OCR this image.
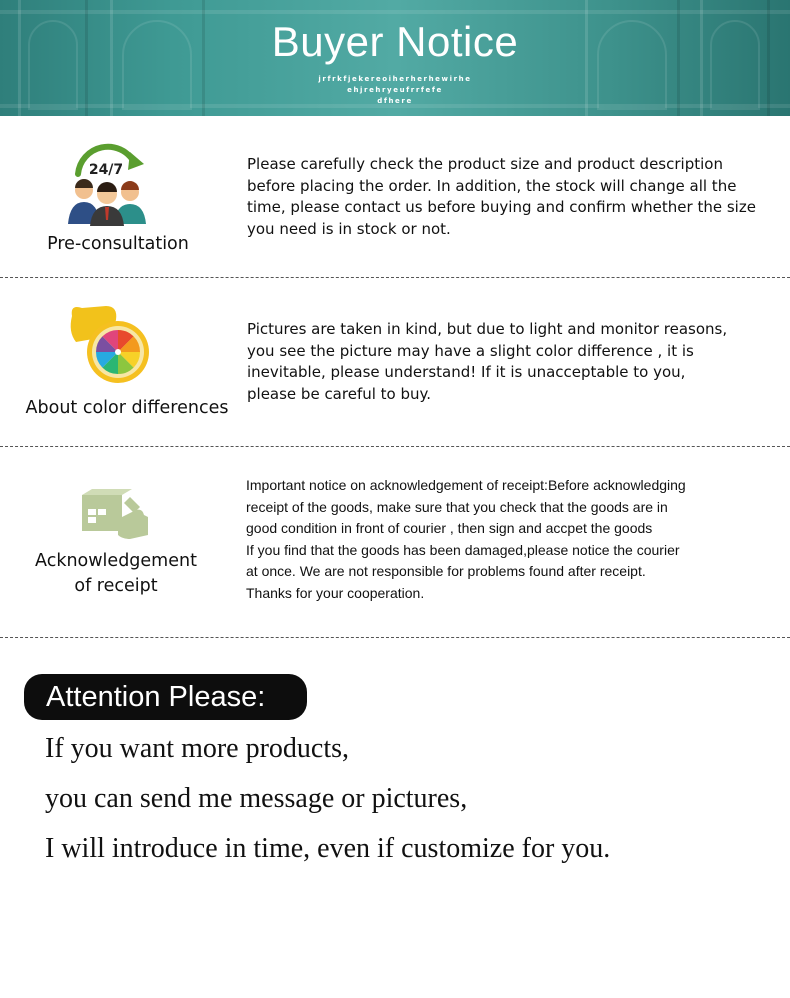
Buyer Notice
jrfrkfjekereoiherherhewirhe
ehjrehryeufrrfefe
dfhere
24/7
Pre-consultation
Please carefully check the product size and product description
before placing the order. In addition, the stock will change all the
time, please contact us before buying and confirm whether the size
you need is in stock or not.
About color differences
Pictures are taken in kind, but due to light and monitor reasons,
you see the picture may have a slight color difference , it is
inevitable, please understand! If it is unacceptable to you,
please be careful to buy.
Acknowledgement
of receipt
Important notice on acknowledgement of receipt:Before acknowledging
receipt of the goods, make sure that you check that the goods are in
good condition in front of courier , then sign and accpet the goods
If you find that the goods has been damaged,please notice the courier
at once. We are not responsible for problems found after receipt.
Thanks for your cooperation.
Attention Please:
If you want more products,
you can send me message or pictures,
I will introduce in time, even if customize for you.
